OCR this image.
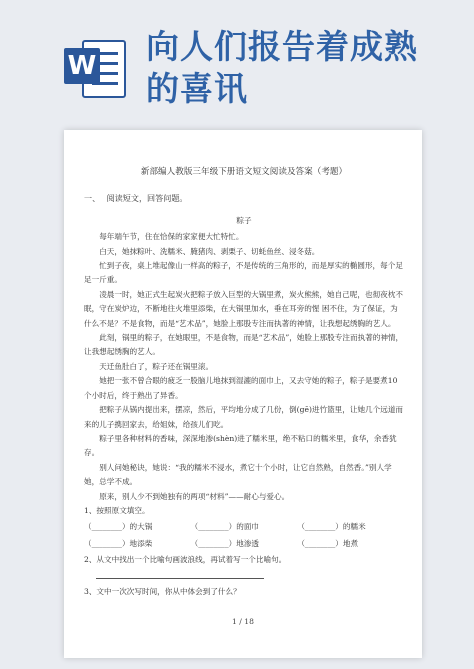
W 向人们报告着成熟
的喜讯
新部编人教版三年级下册语文短文阅读及答案（考题）
一、 阅读短文，回答问题。
粽子

每年端午节，住在恰保的家家便大忙特忙。

白天，她抹粽叶、洗糯米、腌猪肉、剥栗子、切蚝鱼丝、浸冬菇。

忙到子夜，桌上堆起像山一样高的粽子，不是传统的三角形的，而是厚实的椭圆形，每个足足一斤重。

凌晨一时，她正式生起炭火把粽子放入巨型的大锅里煮，炭火熊熊，她自己呢，也彻夜枕不眠，守在炭炉边，不断地往火堆里添柴，在大锅里加水，垂在耳旁的惺 困不住，为了保证，为什么不是？不是食物，而是“艺术品”，她脸上那股专注而执著的神情，让我想起绣胸的艺人。

此刻，锅里的粽子，在她眼里，不是食物，而是“艺术品”，她脸上那股专注而执著的神情，让我想起绣胸的艺人。

天迁鱼肚白了，粽子还在锅里滚。

她把一张不曾合眼的疲乏一股脑儿地抹到湿漉的面巾上，又去守她的粽子，粽子是要煮10个小时后，终于熟出了异香。

把粽子从锅内提出来，摆凉，然后，平均地分成了几份，倒(gē)进竹篮里，让她几个远道而来的儿子携回家去，给姐妹，给孩儿们吃。

粽子里各种材料的香味，深深地渗(shèn)进了糯米里，绝不粘口的糯米里，食华，余香犹存。

别人问她秘诀，她说：“我的糯米不浸水，煮它十个小时，让它自然熟，自然香。”别人学她，总学不成。

原来，别人少不到她独有的两项“材料”——耐心与爱心。

1、按照原文填空。

（________）的大锅	（________）的面巾	（________）的糯米
（________）地添柴	（________）地渗透	（________）地煮

2、从文中找出一个比喻句画波浪线，再试着写一个比喻句。

3、文中一次次写时间，你从中体会到了什么？

1 / 18
